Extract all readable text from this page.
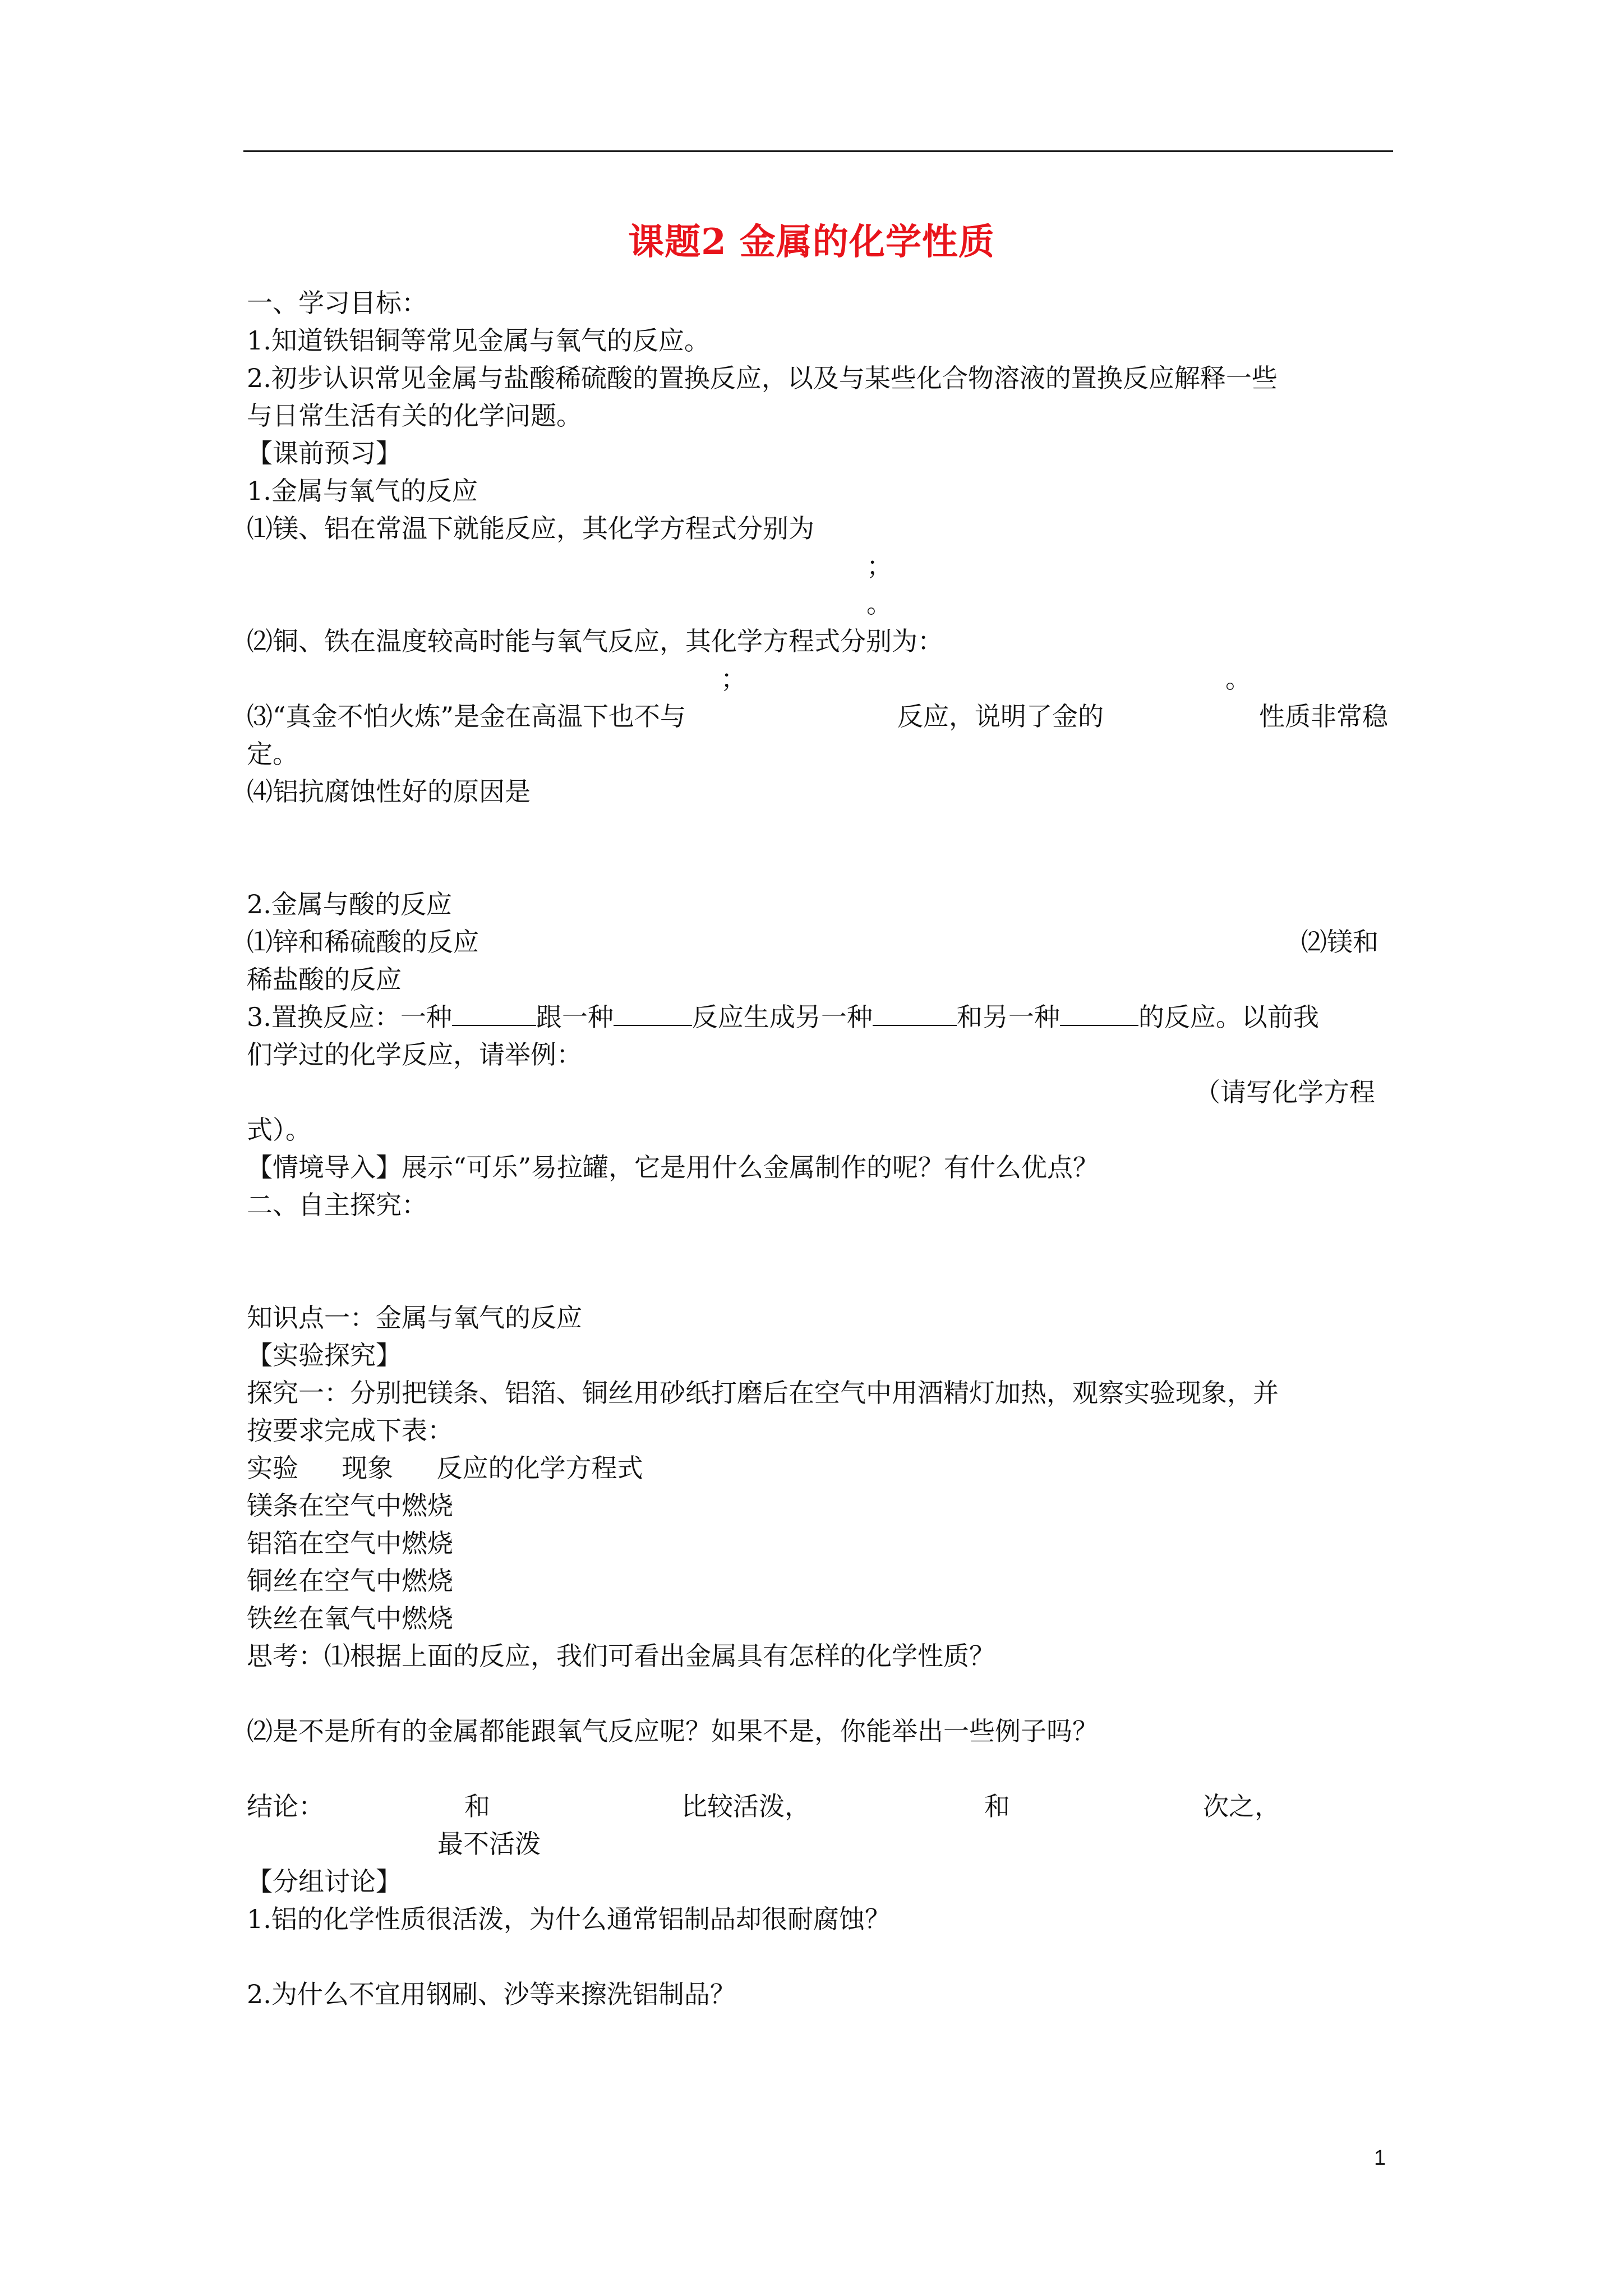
课题2 金属的化学性质
一、学习目标：
1.知道铁铝铜等常见金属与氧气的反应。
2.初步认识常见金属与盐酸稀硫酸的置换反应，以及与某些化合物溶液的置换反应解释一些
与日常生活有关的化学问题。
【课前预习】
1.金属与氧气的反应
⑴镁、铝在常温下就能反应，其化学方程式分别为
；
。
⑵铜、铁在温度较高时能与氧气反应，其化学方程式分别为：
；	。
⑶“真金不怕火炼”是金在高温下也不与	反应，说明了金的	性质非常稳
定。
⑷铝抗腐蚀性好的原因是
2.金属与酸的反应
⑴锌和稀硫酸的反应	⑵镁和
稀盐酸的反应
3.置换反应：一种	跟一种	反应生成另一种	和另一种	的反应。以前我
们学过的化学反应，请举例：
（请写化学方程
式）。
【情境导入】展示“可乐”易拉罐，它是用什么金属制作的呢？有什么优点？
二、自主探究：
知识点一：金属与氧气的反应
【实验探究】
探究一：分别把镁条、铝箔、铜丝用砂纸打磨后在空气中用酒精灯加热，观察实验现象，并
按要求完成下表：
实验 现象 反应的化学方程式
镁条在空气中燃烧
铝箔在空气中燃烧
铜丝在空气中燃烧
铁丝在氧气中燃烧
思考：⑴根据上面的反应，我们可看出金属具有怎样的化学性质？
⑵是不是所有的金属都能跟氧气反应呢？如果不是，你能举出一些例子吗？
结论：	和	比较活泼，	和	次之，
最不活泼
【分组讨论】
1.铝的化学性质很活泼，为什么通常铝制品却很耐腐蚀？
2.为什么不宜用钢刷、沙等来擦洗铝制品？
1
